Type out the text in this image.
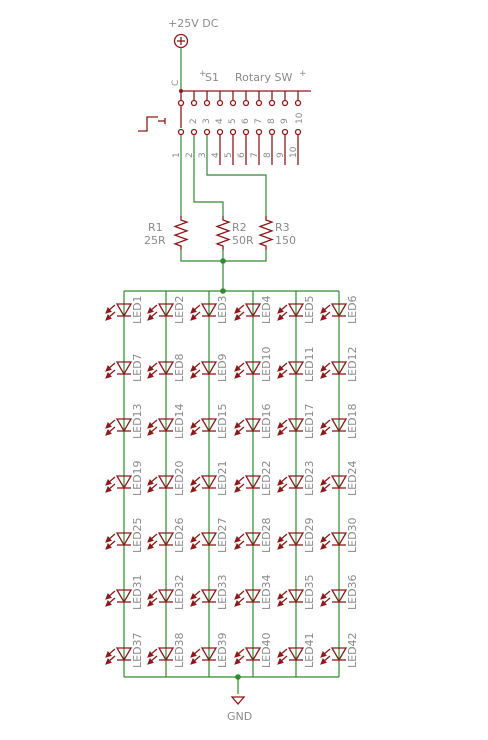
+25V DC
C
+
S1 Rotary SW +
·
1
2
2
3
3
4
4
5
5
6
6
7
7
8
8
9
9 10
10
R1
25R
R2
50R
R3
150
LED1	LED2	LED3	LED4	LED5	LED6
LED7	LED8	LED9	LED10	LED11	LED12
LED13	LED14	LED15	LED16	LED17	LED18
LED19	LED20	LED21	LED22	LED23	LED24
LED25	LED26	LED27	LED28	LED29	LED30
LED31	LED32	LED33	LED34	LED35	LED36
LED37	LED38	LED39	LED40	LED41	LED42
GND
